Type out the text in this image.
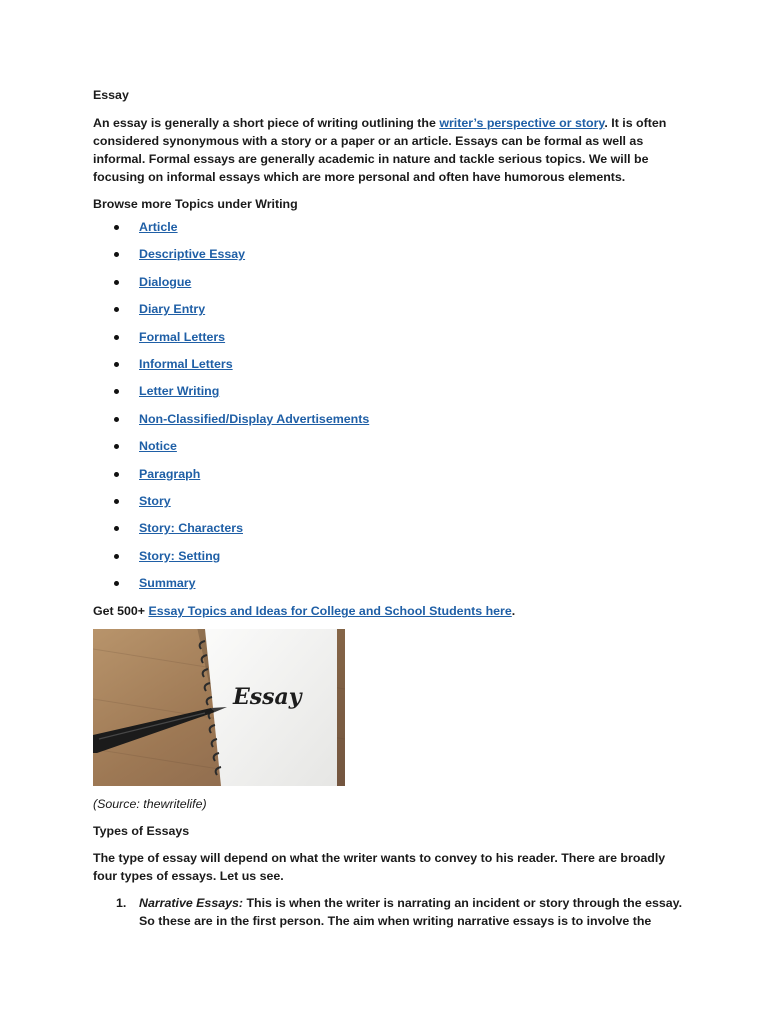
Essay

An essay is generally a short piece of writing outlining the writer’s perspective or story. It is often considered synonymous with a story or a paper or an article. Essays can be formal as well as informal. Formal essays are generally academic in nature and tackle serious topics. We will be focusing on informal essays which are more personal and often have humorous elements.

Browse more Topics under Writing

Article
Descriptive Essay
Dialogue
Diary Entry
Formal Letters
Informal Letters
Letter Writing
Non-Classified/Display Advertisements
Notice
Paragraph
Story
Story: Characters
Story: Setting
Summary

Get 500+ Essay Topics and Ideas for College and School Students here.

Essay

(Source: thewritelife)

Types of Essays

The type of essay will depend on what the writer wants to convey to his reader. There are broadly four types of essays. Let us see.

1. Narrative Essays: This is when the writer is narrating an incident or story through the essay. So these are in the first person. The aim when writing narrative essays is to involve the
